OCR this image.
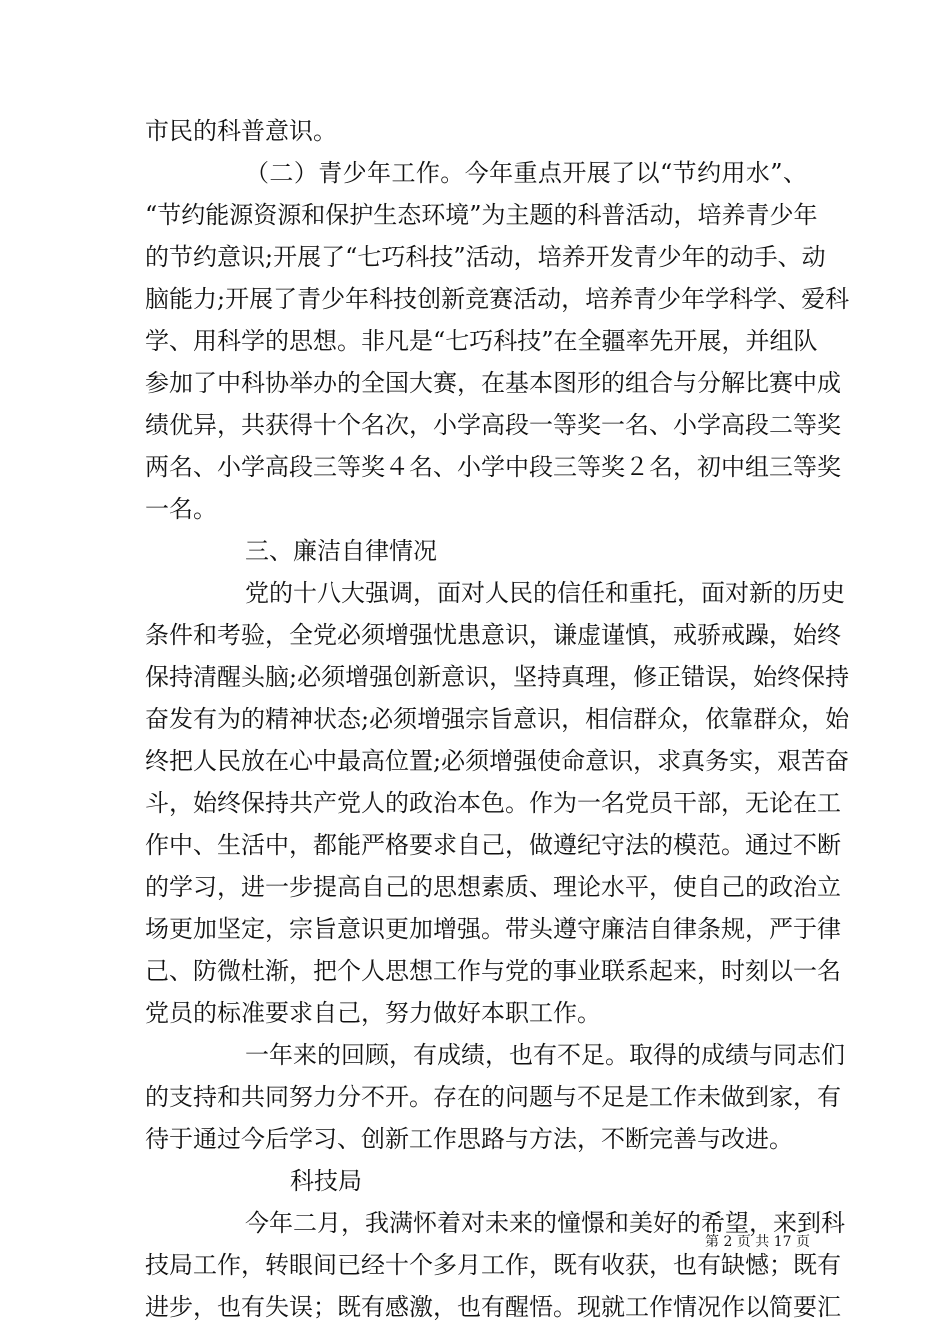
市民的科普意识。
（二）青少年工作。今年重点开展了以“节约用水”、
“节约能源资源和保护生态环境”为主题的科普活动，培养青少年
的节约意识;开展了“七巧科技”活动，培养开发青少年的动手、动
脑能力;开展了青少年科技创新竞赛活动，培养青少年学科学、爱科
学、用科学的思想。非凡是“七巧科技”在全疆率先开展，并组队
参加了中科协举办的全国大赛，在基本图形的组合与分解比赛中成
绩优异，共获得十个名次，小学高段一等奖一名、小学高段二等奖
两名、小学高段三等奖４名、小学中段三等奖２名，初中组三等奖
一名。
三、廉洁自律情况
党的十八大强调，面对人民的信任和重托，面对新的历史
条件和考验，全党必须增强忧患意识，谦虚谨慎，戒骄戒躁，始终
保持清醒头脑;必须增强创新意识，坚持真理，修正错误，始终保持
奋发有为的精神状态;必须增强宗旨意识，相信群众，依靠群众，始
终把人民放在心中最高位置;必须增强使命意识，求真务实，艰苦奋
斗，始终保持共产党人的政治本色。作为一名党员干部，无论在工
作中、生活中，都能严格要求自己，做遵纪守法的模范。通过不断
的学习，进一步提高自己的思想素质、理论水平，使自己的政治立
场更加坚定，宗旨意识更加增强。带头遵守廉洁自律条规，严于律
己、防微杜渐，把个人思想工作与党的事业联系起来，时刻以一名
党员的标准要求自己，努力做好本职工作。
一年来的回顾，有成绩，也有不足。取得的成绩与同志们
的支持和共同努力分不开。存在的问题与不足是工作未做到家，有
待于通过今后学习、创新工作思路与方法，不断完善与改进。
科技局
今年二月，我满怀着对未来的憧憬和美好的希望，来到科
技局工作，转眼间已经十个多月工作，既有收获，也有缺憾；既有
进步，也有失误；既有感激，也有醒悟。现就工作情况作以简要汇
第 2 页 共 17 页
